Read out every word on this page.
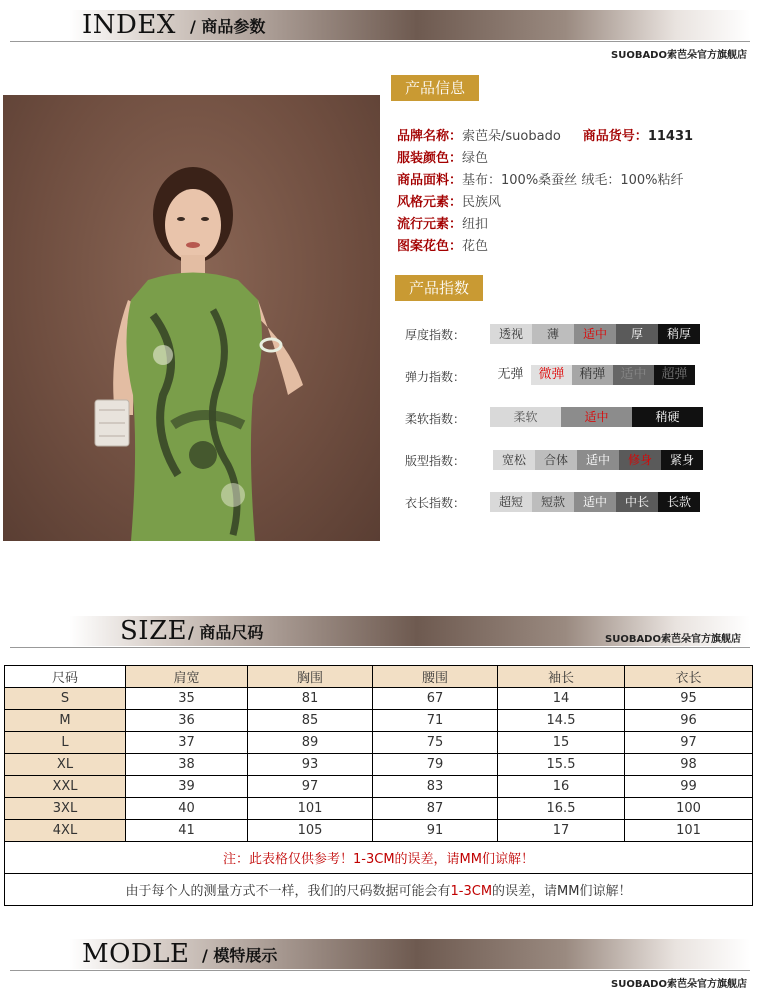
INDEX / 商品参数
SUOBADO索芭朵官方旗舰店
产品信息
品牌名称：索芭朵/suobado 商品货号：11431
服装颜色：绿色
商品面料：基布：100%桑蚕丝 绒毛：100%粘纤
风格元素：民族风
流行元素：纽扣
图案花色：花色
产品指数
厚度指数：	透视	薄	适中	厚	稍厚
弹力指数：	无弹	微弹	稍弹	适中	超弹
柔软指数：	柔软	适中	稍硬
版型指数：	宽松	合体	适中	修身	紧身
衣长指数：	超短	短款	适中	中长	长款
SIZE / 商品尺码	SUOBADO索芭朵官方旗舰店
尺码	肩宽	胸围	腰围	袖长	衣长
S	35	81	67	14	95
M	36	85	71	14.5	96
L	37	89	75	15	97
XL	38	93	79	15.5	98
XXL	39	97	83	16	99
3XL	40	101	87	16.5	100
4XL	41	105	91	17	101
注：此表格仅供参考！1-3CM的误差，请MM们谅解！					
由于每个人的测量方式不一样，我们的尺码数据可能会有1-3CM的误差，请MM们谅解！					
MODLE / 模特展示
SUOBADO索芭朵官方旗舰店
